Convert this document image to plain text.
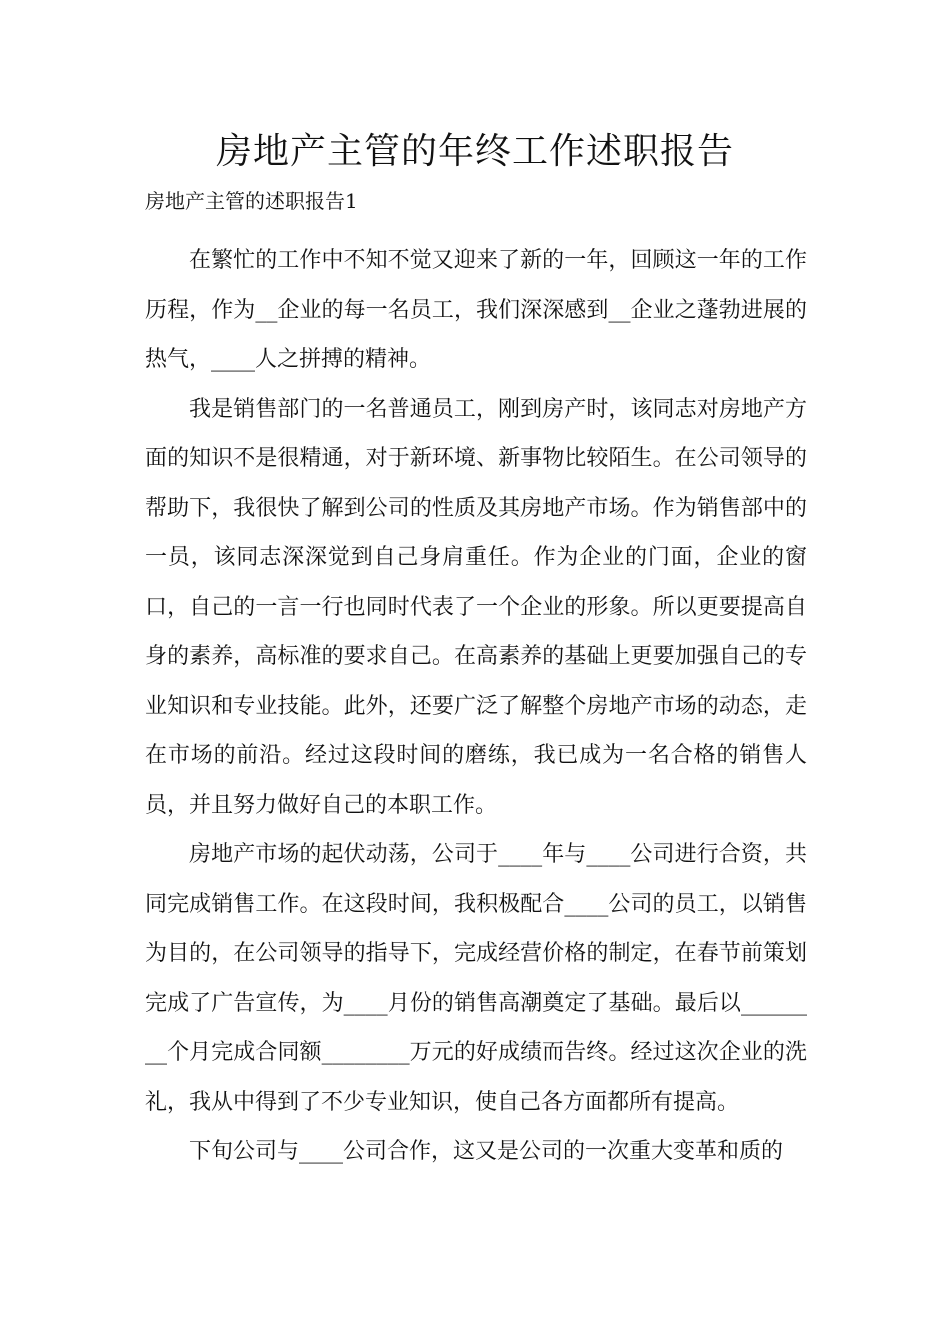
房地产主管的年终工作述职报告
房地产主管的述职报告1

在繁忙的工作中不知不觉又迎来了新的一年，回顾这一年的工作历程，作为__企业的每一名员工，我们深深感到__企业之蓬勃进展的热气，____人之拼搏的精神。

我是销售部门的一名普通员工，刚到房产时，该同志对房地产方面的知识不是很精通，对于新环境、新事物比较陌生。在公司领导的帮助下，我很快了解到公司的性质及其房地产市场。作为销售部中的一员，该同志深深觉到自己身肩重任。作为企业的门面，企业的窗口，自己的一言一行也同时代表了一个企业的形象。所以更要提高自身的素养，高标准的要求自己。在高素养的基础上更要加强自己的专业知识和专业技能。此外，还要广泛了解整个房地产市场的动态，走在市场的前沿。经过这段时间的磨练，我已成为一名合格的销售人员，并且努力做好自己的本职工作。

房地产市场的起伏动荡，公司于____年与____公司进行合资，共同完成销售工作。在这段时间，我积极配合____公司的员工，以销售为目的，在公司领导的指导下，完成经营价格的制定，在春节前策划完成了广告宣传，为____月份的销售高潮奠定了基础。最后以________个月完成合同额________万元的好成绩而告终。经过这次企业的洗礼，我从中得到了不少专业知识，使自己各方面都所有提高。

下旬公司与____公司合作，这又是公司的一次重大变革和质的
